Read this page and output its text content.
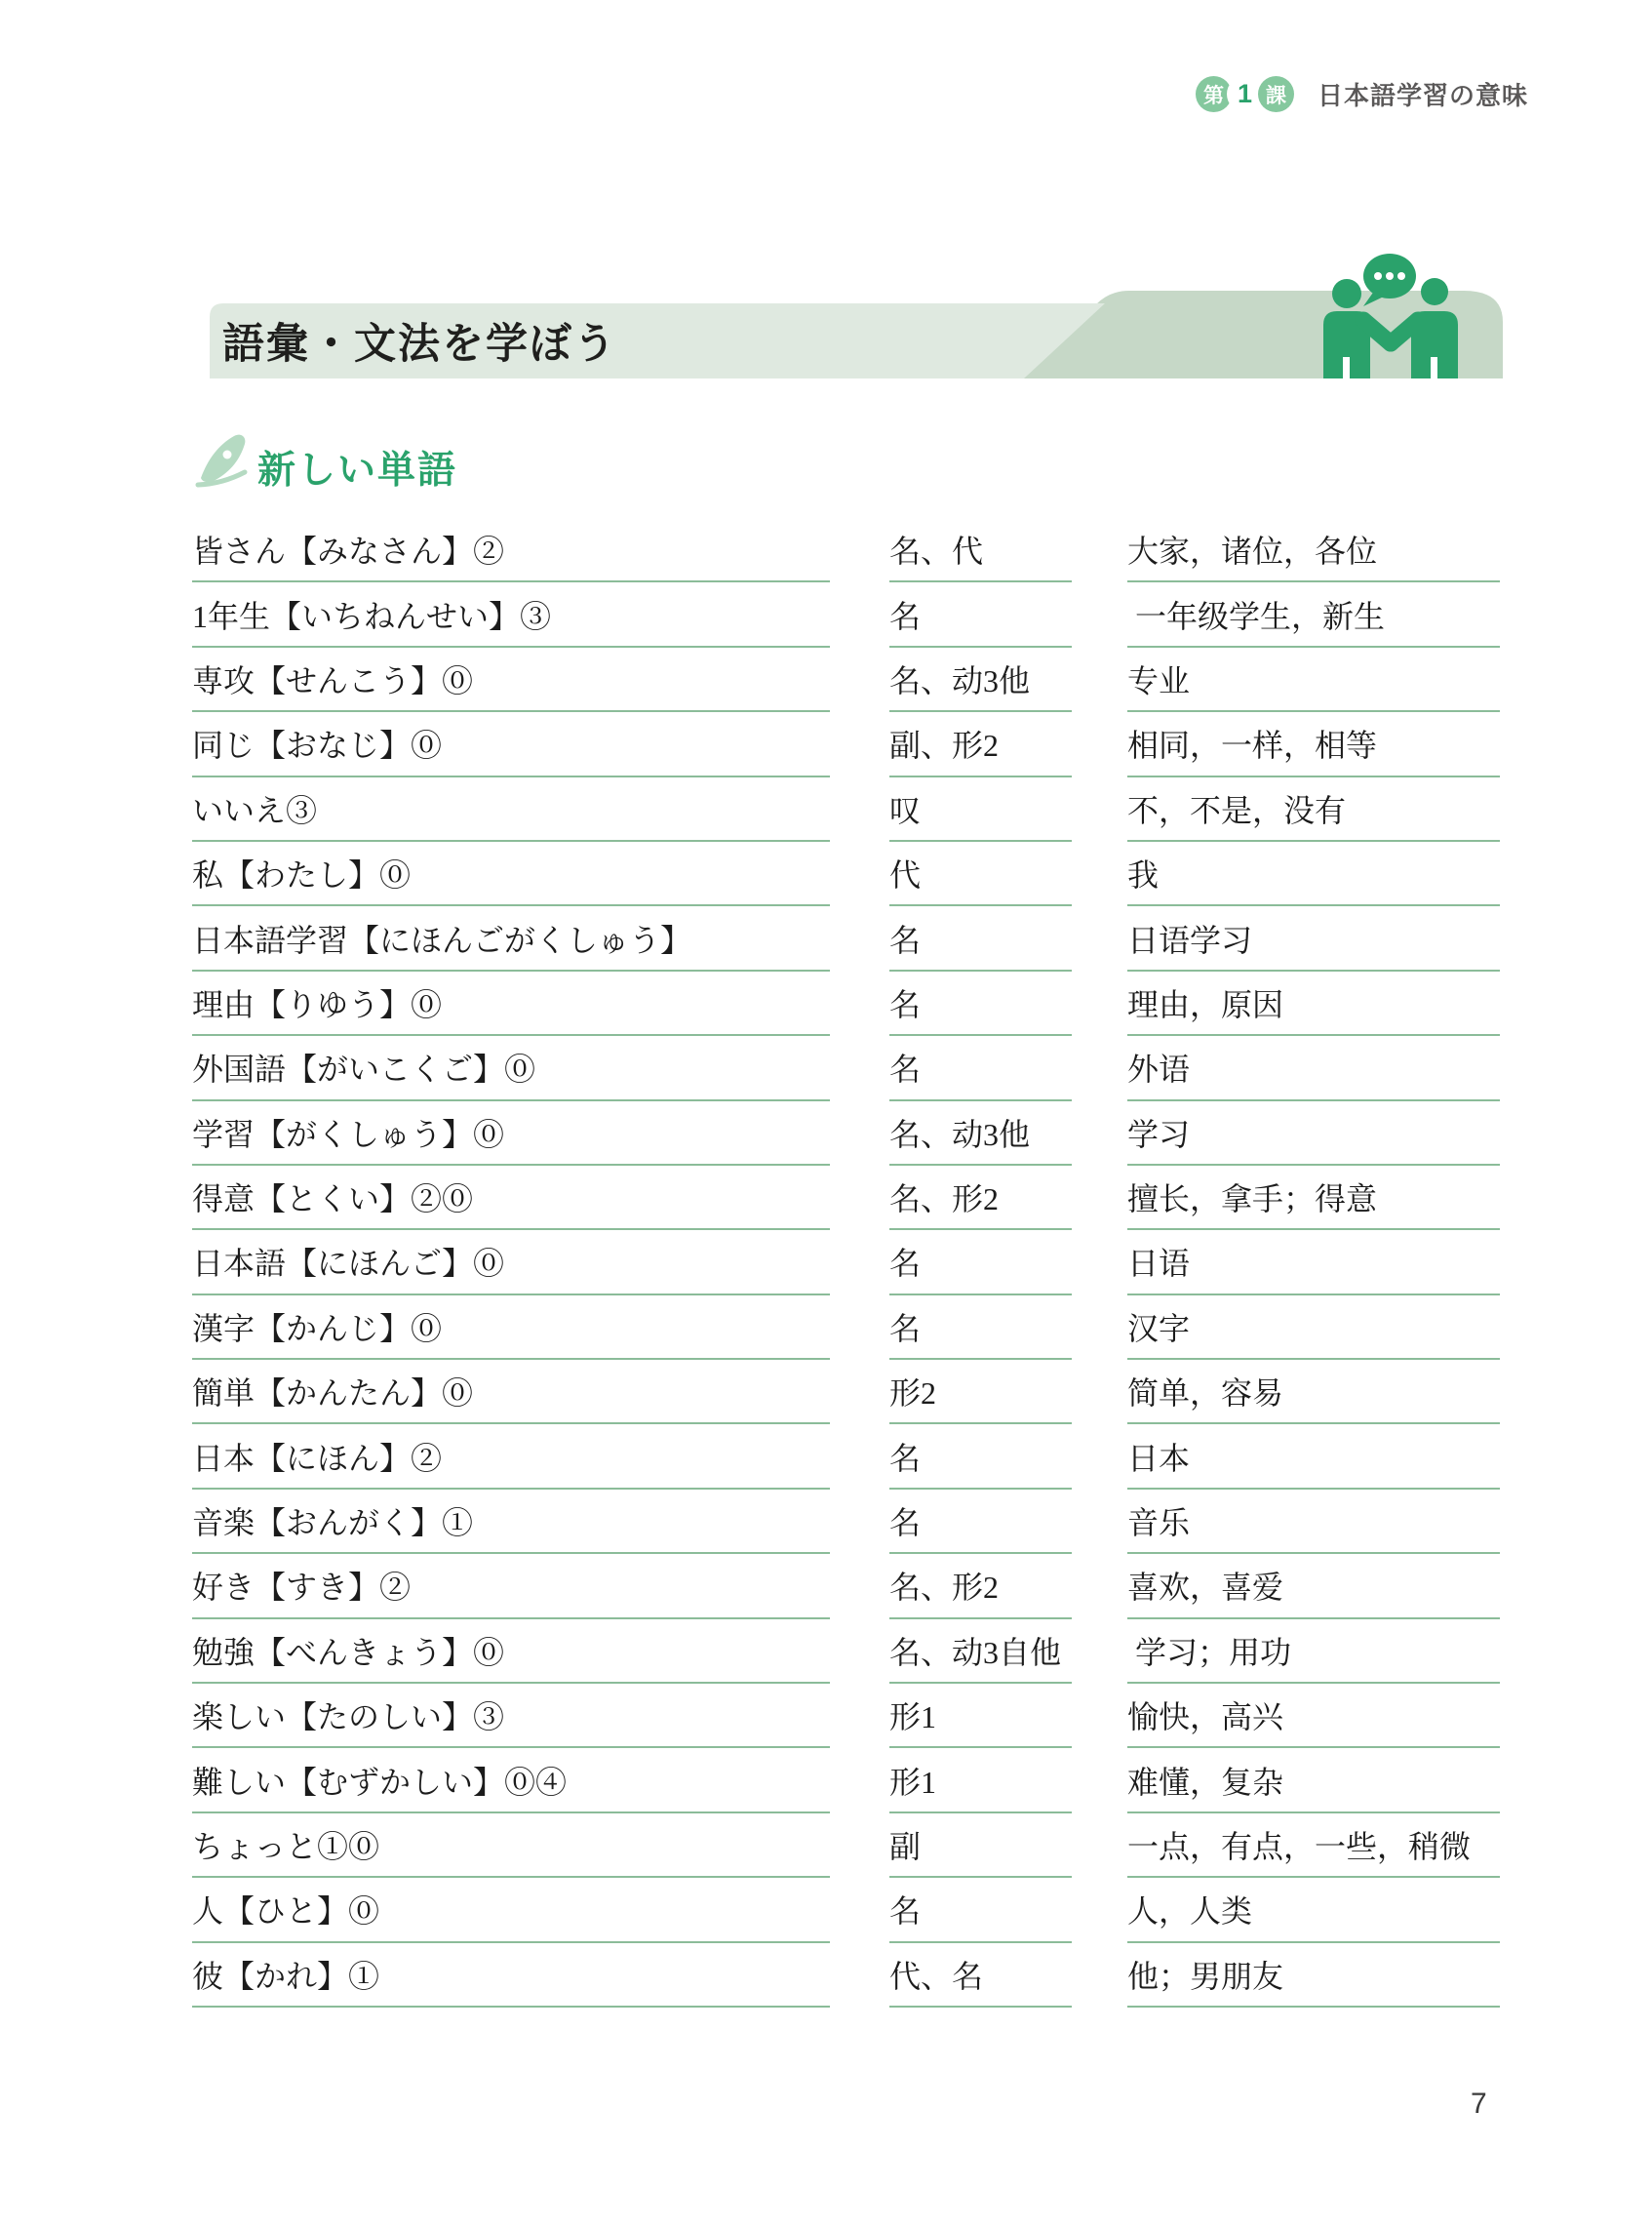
第 1 課	日本語学習の意味
語彙・文法を学ぼう
新しい単語
皆さん【みなさん】②	名、代	大家，诸位，各位
1年生【いちねんせい】③	名	一年级学生，新生
専攻【せんこう】⓪	名、动3他	专业
同じ【おなじ】⓪	副、形2	相同，一样，相等
いいえ③	叹	不，不是，没有
私【わたし】⓪	代	我
日本語学習【にほんごがくしゅう】	名	日语学习
理由【りゆう】⓪	名	理由，原因
外国語【がいこくご】⓪	名	外语
学習【がくしゅう】⓪	名、动3他	学习
得意【とくい】②⓪	名、形2	擅长，拿手；得意
日本語【にほんご】⓪	名	日语
漢字【かんじ】⓪	名	汉字
簡単【かんたん】⓪	形2	简单，容易
日本【にほん】②	名	日本
音楽【おんがく】①	名	音乐
好き【すき】②	名、形2	喜欢，喜爱
勉強【べんきょう】⓪	名、动3自他	学习；用功
楽しい【たのしい】③	形1	愉快，高兴
難しい【むずかしい】⓪④	形1	难懂，复杂
ちょっと①⓪	副	一点，有点，一些，稍微
人【ひと】⓪	名	人，人类
彼【かれ】①	代、名	他；男朋友
7
